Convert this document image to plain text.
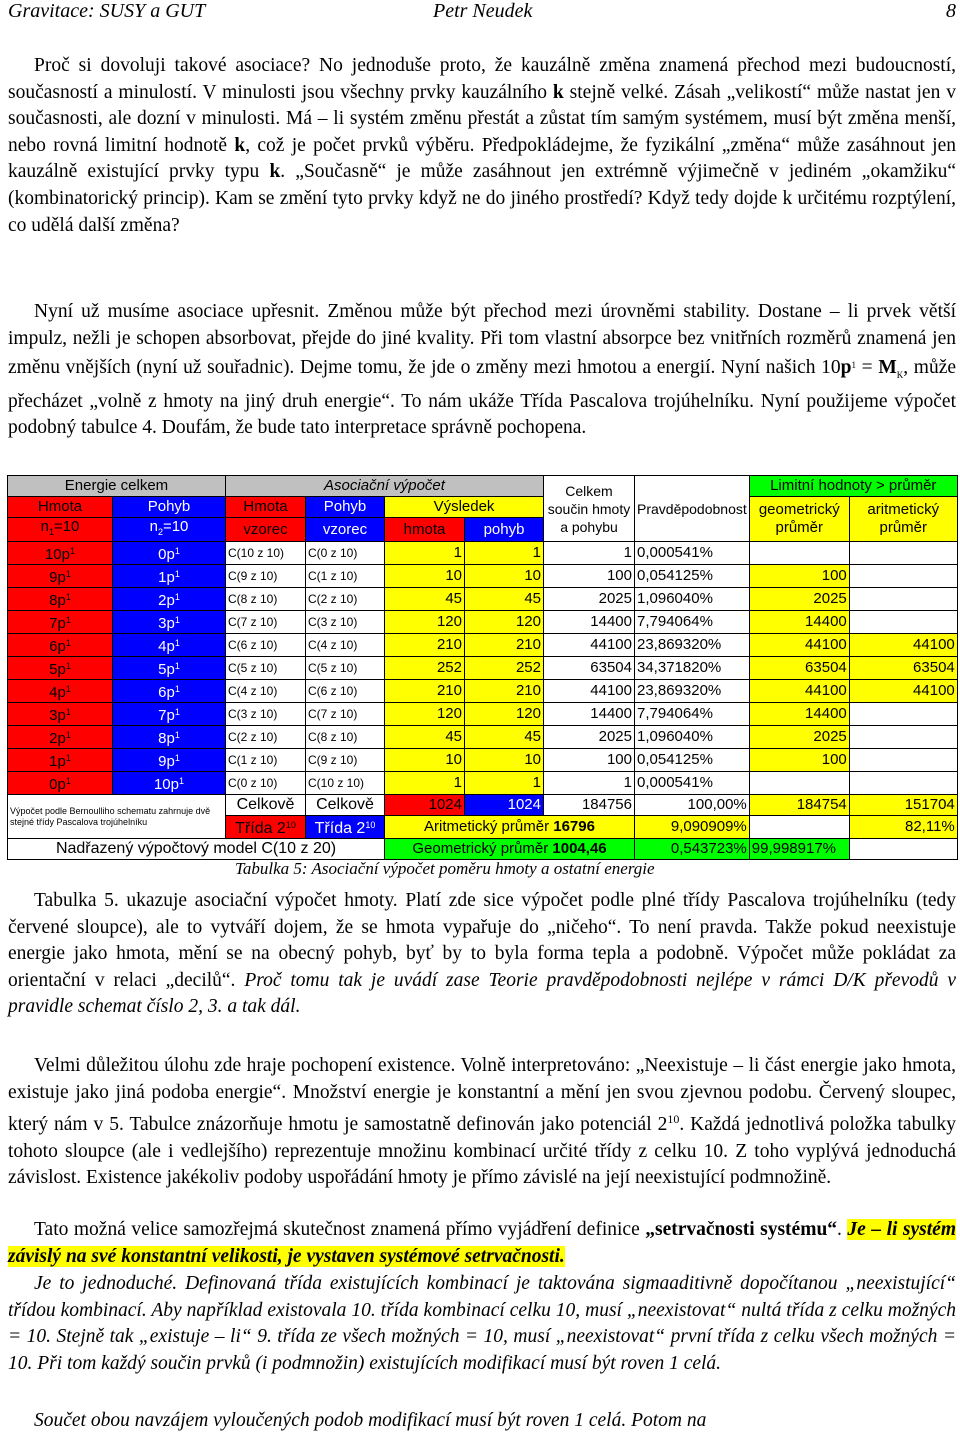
Gravitace: SUSY a GUT	Petr Neudek	8
Proč si dovoluji takové asociace? No jednoduše proto, že kauzálně změna znamená přechod mezi budoucností, současností a minulostí. V minulosti jsou všechny prvky kauzálního k stejně velké. Zásah „velikostí“ může nastat jen v současnosti, ale dozní v minulosti. Má – li systém změnu přestát a zůstat tím samým systémem, musí být změna menší, nebo rovná limitní hodnotě k, což je počet prvků výběru. Předpokládejme, že fyzikální „změna“ může zasáhnout jen kauzálně existující prvky typu k. „Současně“ je může zasáhnout jen extrémně výjimečně v jediném „okamžiku“ (kombinatorický princip). Kam se změní tyto prvky když ne do jiného prostředí? Když tedy dojde k určitému rozptýlení, co udělá další změna?
Nyní už musíme asociace upřesnit. Změnou může být přechod mezi úrovněmi stability. Dostane – li prvek větší impulz, nežli je schopen absorbovat, přejde do jiné kvality. Při tom vlastní absorpce bez vnitřních rozměrů znamená jen změnu vnějších (nyní už souřadnic). Dejme tomu, že jde o změny mezi hmotou a energií. Nyní našich $10p^1 = M_K$, může přecházet „volně z hmoty na jiný druh energie“. To nám ukáže Třída Pascalova trojúhelníku. Nyní použijeme výpočet podobný tabulce 4. Doufám, že bude tato interpretace správně pochopena.
Energie celkem		Asociační výpočet				Celkem součin hmoty a pohybu	Pravděpodobnost	Limitní hodnoty > průměr	
Hmota	Pohyb	Hmota	Pohyb	Výsledek				geometrický průměr	aritmetický průměr
$n_1=10$	$n_2=10$	vzorec	vzorec	hmota	pohyb				
$10p^1$	$0p^1$	C(10 z 10)	C(0 z 10)	1	1	1	0,000541%		
$9p^1$	$1p^1$	C(9 z 10)	C(1 z 10)	10	10	100	0,054125%	100	
$8p^1$	$2p^1$	C(8 z 10)	C(2 z 10)	45	45	2025	1,096040%	2025	
$7p^1$	$3p^1$	C(7 z 10)	C(3 z 10)	120	120	14400	7,794064%	14400	
$6p^1$	$4p^1$	C(6 z 10)	C(4 z 10)	210	210	44100	23,869320%	44100	44100
$5p^1$	$5p^1$	C(5 z 10)	C(5 z 10)	252	252	63504	34,371820%	63504	63504
$4p^1$	$6p^1$	C(4 z 10)	C(6 z 10)	210	210	44100	23,869320%	44100	44100
$3p^1$	$7p^1$	C(3 z 10)	C(7 z 10)	120	120	14400	7,794064%	14400	
$2p^1$	$8p^1$	C(2 z 10)	C(8 z 10)	45	45	2025	1,096040%	2025	
$1p^1$	$9p^1$	C(1 z 10)	C(9 z 10)	10	10	100	0,054125%	100	
$0p^1$	$10p^1$	C(0 z 10)	C(10 z 10)	1	1	1	0,000541%		

Výpočet podle Bernoulliho schematu zahrnuje dvě stejné třídy Pascalova trojúhelníku		Celkově	Celkově	1024	1024	184756	100,00%	184754	151704
		Třída $2^{10}$	Třída $2^{10}$	Aritmetický průměr 16796			9,090909%		82,11%
Nadřazený výpočtový model C(10 z 20)				Geometrický průměr 1004,46			0,543723%	99,998917%	
Tabulka 5: Asociační výpočet poměru hmoty a ostatní energie
Tabulka 5. ukazuje asociační výpočet hmoty. Platí zde sice výpočet podle plné třídy Pascalova trojúhelníku (tedy červené sloupce), ale to vytváří dojem, že se hmota vypařuje do „ničeho“. To není pravda. Takže pokud neexistuje energie jako hmota, mění se na obecný pohyb, byť by to byla forma tepla a podobně. Výpočet může pokládat za orientační v relaci „decilů“. Proč tomu tak je uvádí zase Teorie pravděpodobnosti nejlépe v rámci D/K převodů v pravidle schemat číslo 2, 3. a tak dál.
Velmi důležitou úlohu zde hraje pochopení existence. Volně interpretováno: „Neexistuje – li část energie jako hmota, existuje jako jiná podoba energie“. Množství energie je konstantní a mění jen svou zjevnou podobu. Červený sloupec, který nám v 5. Tabulce znázorňuje hmotu je samostatně definován jako potenciál $2^{10}$. Každá jednotlivá položka tabulky tohoto sloupce (ale i vedlejšího) reprezentuje množinu kombinací určité třídy z celku 10. Z toho vyplývá jednoduchá závislost. Existence jakékoliv podoby uspořádání hmoty je přímo závislé na její neexistující podmnožině.
Tato možná velice samozřejmá skutečnost znamená přímo vyjádření definice „setrvačnosti systému“. Je – li systém závislý na své konstantní velikosti, je vystaven systémové setrvačnosti.
Je to jednoduché. Definovaná třída existujících kombinací je taktována sigmaaditivně dopočítanou „neexistující“ třídou kombinací. Aby například existovala 10. třída kombinací celku 10, musí „neexistovat“ nultá třída z celku možných = 10. Stejně tak „existuje – li“ 9. třída ze všech možných = 10, musí „neexistovat“ první třída z celku všech možných = 10. Při tom každý součin prvků (i podmnožin) existujících modifikací musí být roven 1 celá.
Součet obou navzájem vyloučených podob modifikací musí být roven 1 celá. Potom na
